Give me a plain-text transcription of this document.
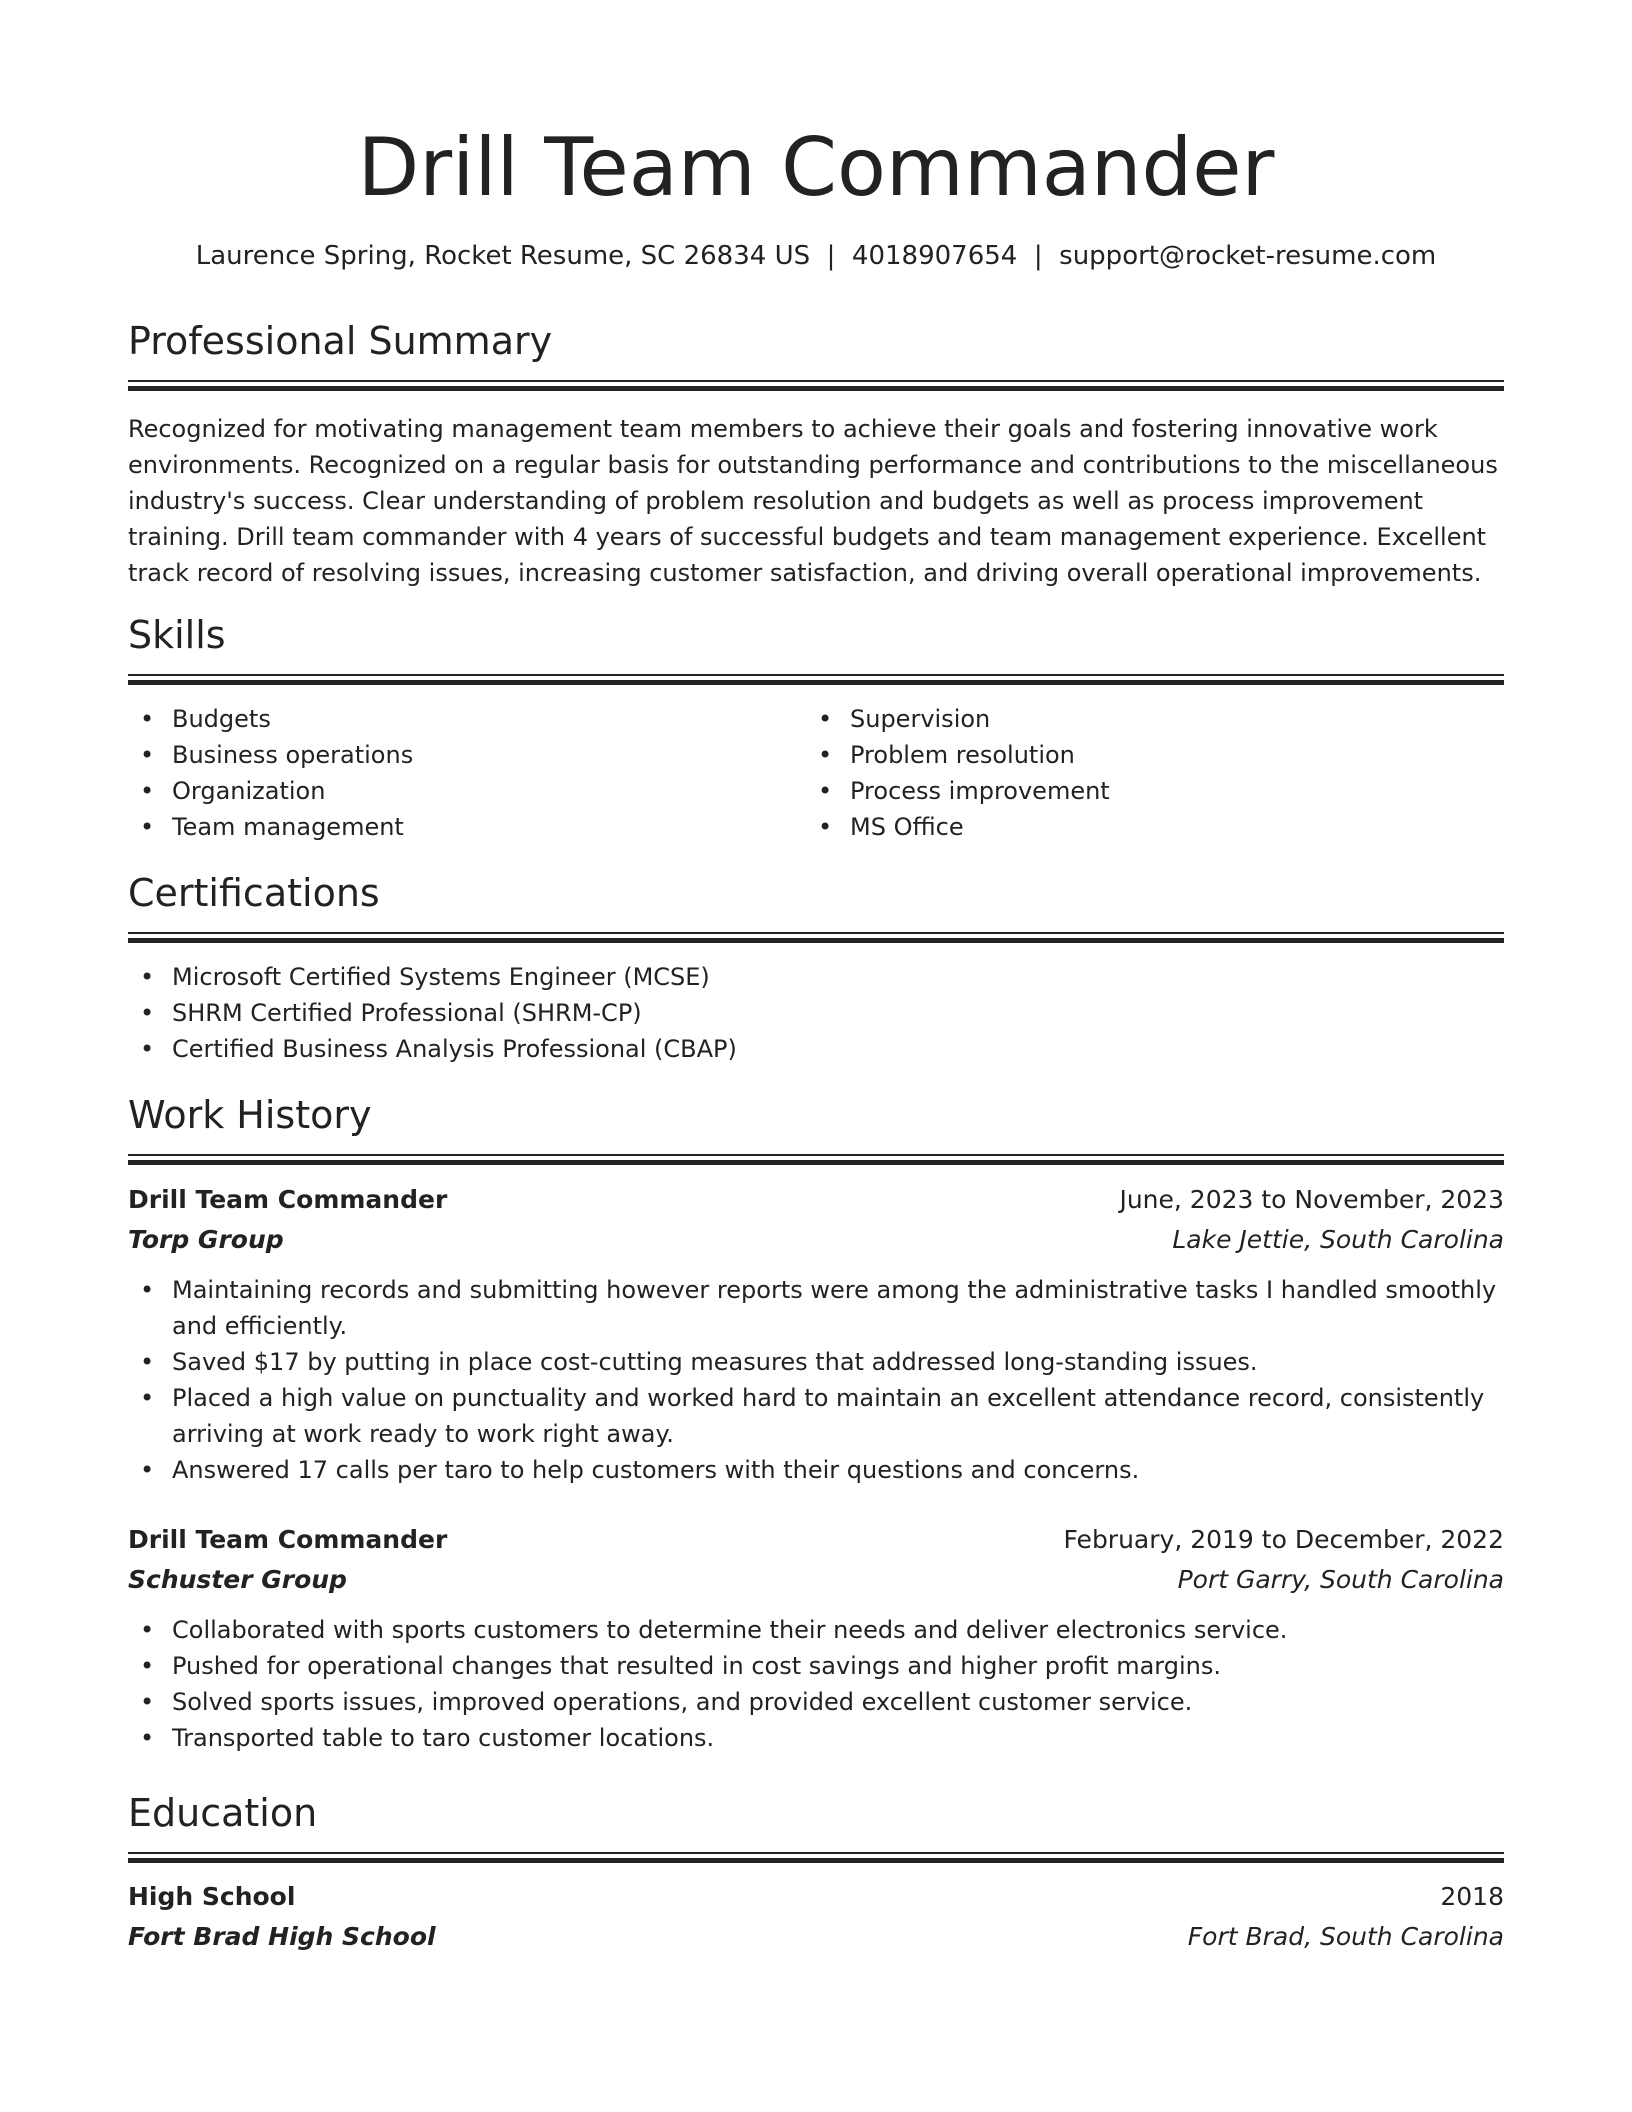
Drill Team Commander
Laurence Spring, Rocket Resume, SC 26834 US  |  4018907654  |  support@rocket-resume.com
Professional Summary
Recognized for motivating management team members to achieve their goals and fostering innovative work environments. Recognized on a regular basis for outstanding performance and contributions to the miscellaneous industry's success. Clear understanding of problem resolution and budgets as well as process improvement training. Drill team commander with 4 years of successful budgets and team management experience. Excellent track record of resolving issues, increasing customer satisfaction, and driving overall operational improvements.
Skills
• Budgets
• Business operations
• Organization
• Team management
• Supervision
• Problem resolution
• Process improvement
• MS Office
Certifications
• Microsoft Certified Systems Engineer (MCSE)
• SHRM Certified Professional (SHRM-CP)
• Certified Business Analysis Professional (CBAP)
Work History
Drill Team Commander	June, 2023 to November, 2023
Torp Group	Lake Jettie, South Carolina
• Maintaining records and submitting however reports were among the administrative tasks I handled smoothly and efficiently.
• Saved $17 by putting in place cost-cutting measures that addressed long-standing issues.
• Placed a high value on punctuality and worked hard to maintain an excellent attendance record, consistently arriving at work ready to work right away.
• Answered 17 calls per taro to help customers with their questions and concerns.
Drill Team Commander	February, 2019 to December, 2022
Schuster Group	Port Garry, South Carolina
• Collaborated with sports customers to determine their needs and deliver electronics service.
• Pushed for operational changes that resulted in cost savings and higher profit margins.
• Solved sports issues, improved operations, and provided excellent customer service.
• Transported table to taro customer locations.
Education
High School	2018
Fort Brad High School	Fort Brad, South Carolina
